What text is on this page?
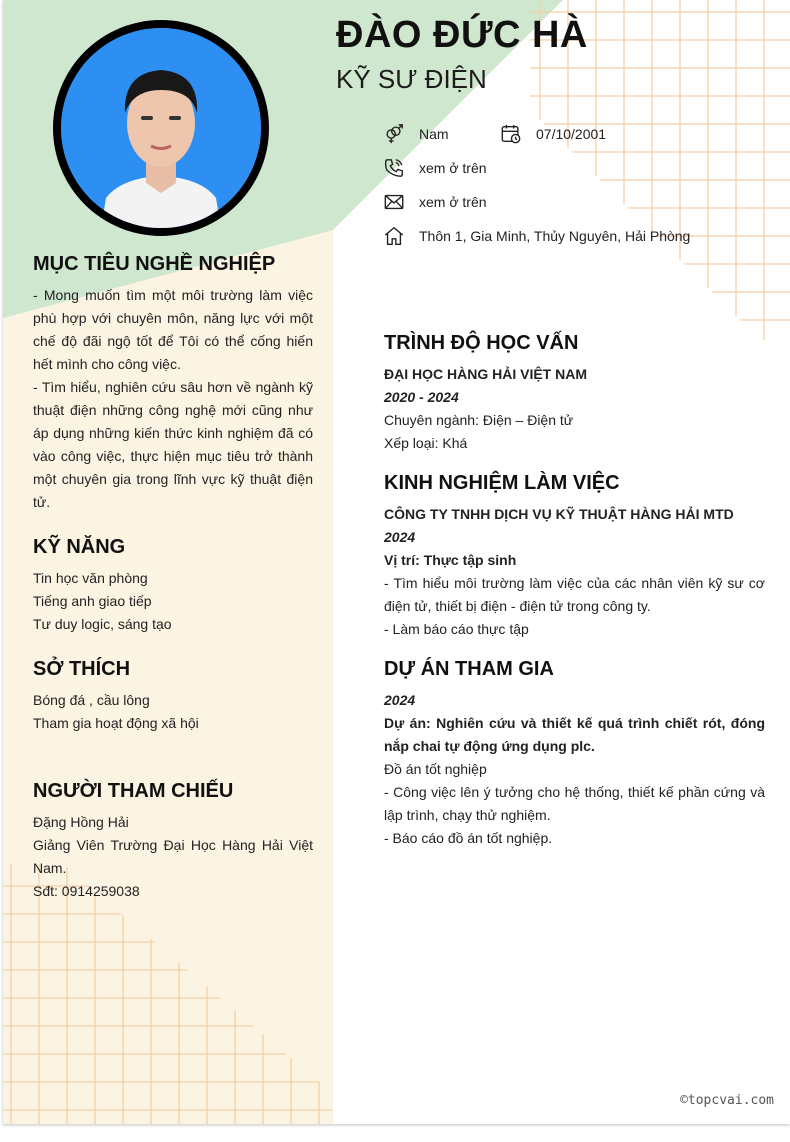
ĐÀO ĐỨC HÀ
KỸ SƯ ĐIỆN
Nam	07/10/2001
xem ở trên
xem ở trên
Thôn 1, Gia Minh, Thủy Nguyên, Hải Phòng
MỤC TIÊU NGHỀ NGHIỆP
- Mong muốn tìm một môi trường làm việc phù hợp với chuyên môn, năng lực với một chế độ đãi ngộ tốt để Tôi có thể cống hiến hết mình cho công việc.
- Tìm hiểu, nghiên cứu sâu hơn về ngành kỹ thuật điện những công nghệ mới cũng như áp dụng những kiến thức kinh nghiệm đã có vào công việc, thực hiện mục tiêu trở thành một chuyên gia trong lĩnh vực kỹ thuật điện tử.
KỸ NĂNG
Tin học văn phòng
Tiếng anh giao tiếp
Tư duy logic, sáng tạo
SỞ THÍCH
Bóng đá , cầu lông
Tham gia hoạt động xã hội
NGƯỜI THAM CHIẾU
Đặng Hồng Hải
Giảng Viên Trường Đại Học Hàng Hải Việt Nam.
Sđt: 0914259038
TRÌNH ĐỘ HỌC VẤN
ĐẠI HỌC HÀNG HẢI VIỆT NAM
2020 - 2024
Chuyên ngành: Điện – Điện tử
Xếp loại: Khá
KINH NGHIỆM LÀM VIỆC
CÔNG TY TNHH DỊCH VỤ KỸ THUẬT HÀNG HẢI MTD
2024
Vị trí: Thực tập sinh
- Tìm hiểu môi trường làm việc của các nhân viên kỹ sư cơ điện tử, thiết bị điện - điện tử trong công ty.
- Làm báo cáo thực tập
DỰ ÁN THAM GIA
2024
Dự án: Nghiên cứu và thiết kế quá trình chiết rót, đóng nắp chai tự động ứng dụng plc.
Đồ án tốt nghiệp
- Công việc lên ý tưởng cho hệ thống, thiết kế phần cứng và lập trình, chạy thử nghiệm.
- Báo cáo đồ án tốt nghiệp.
©topcvai.com
